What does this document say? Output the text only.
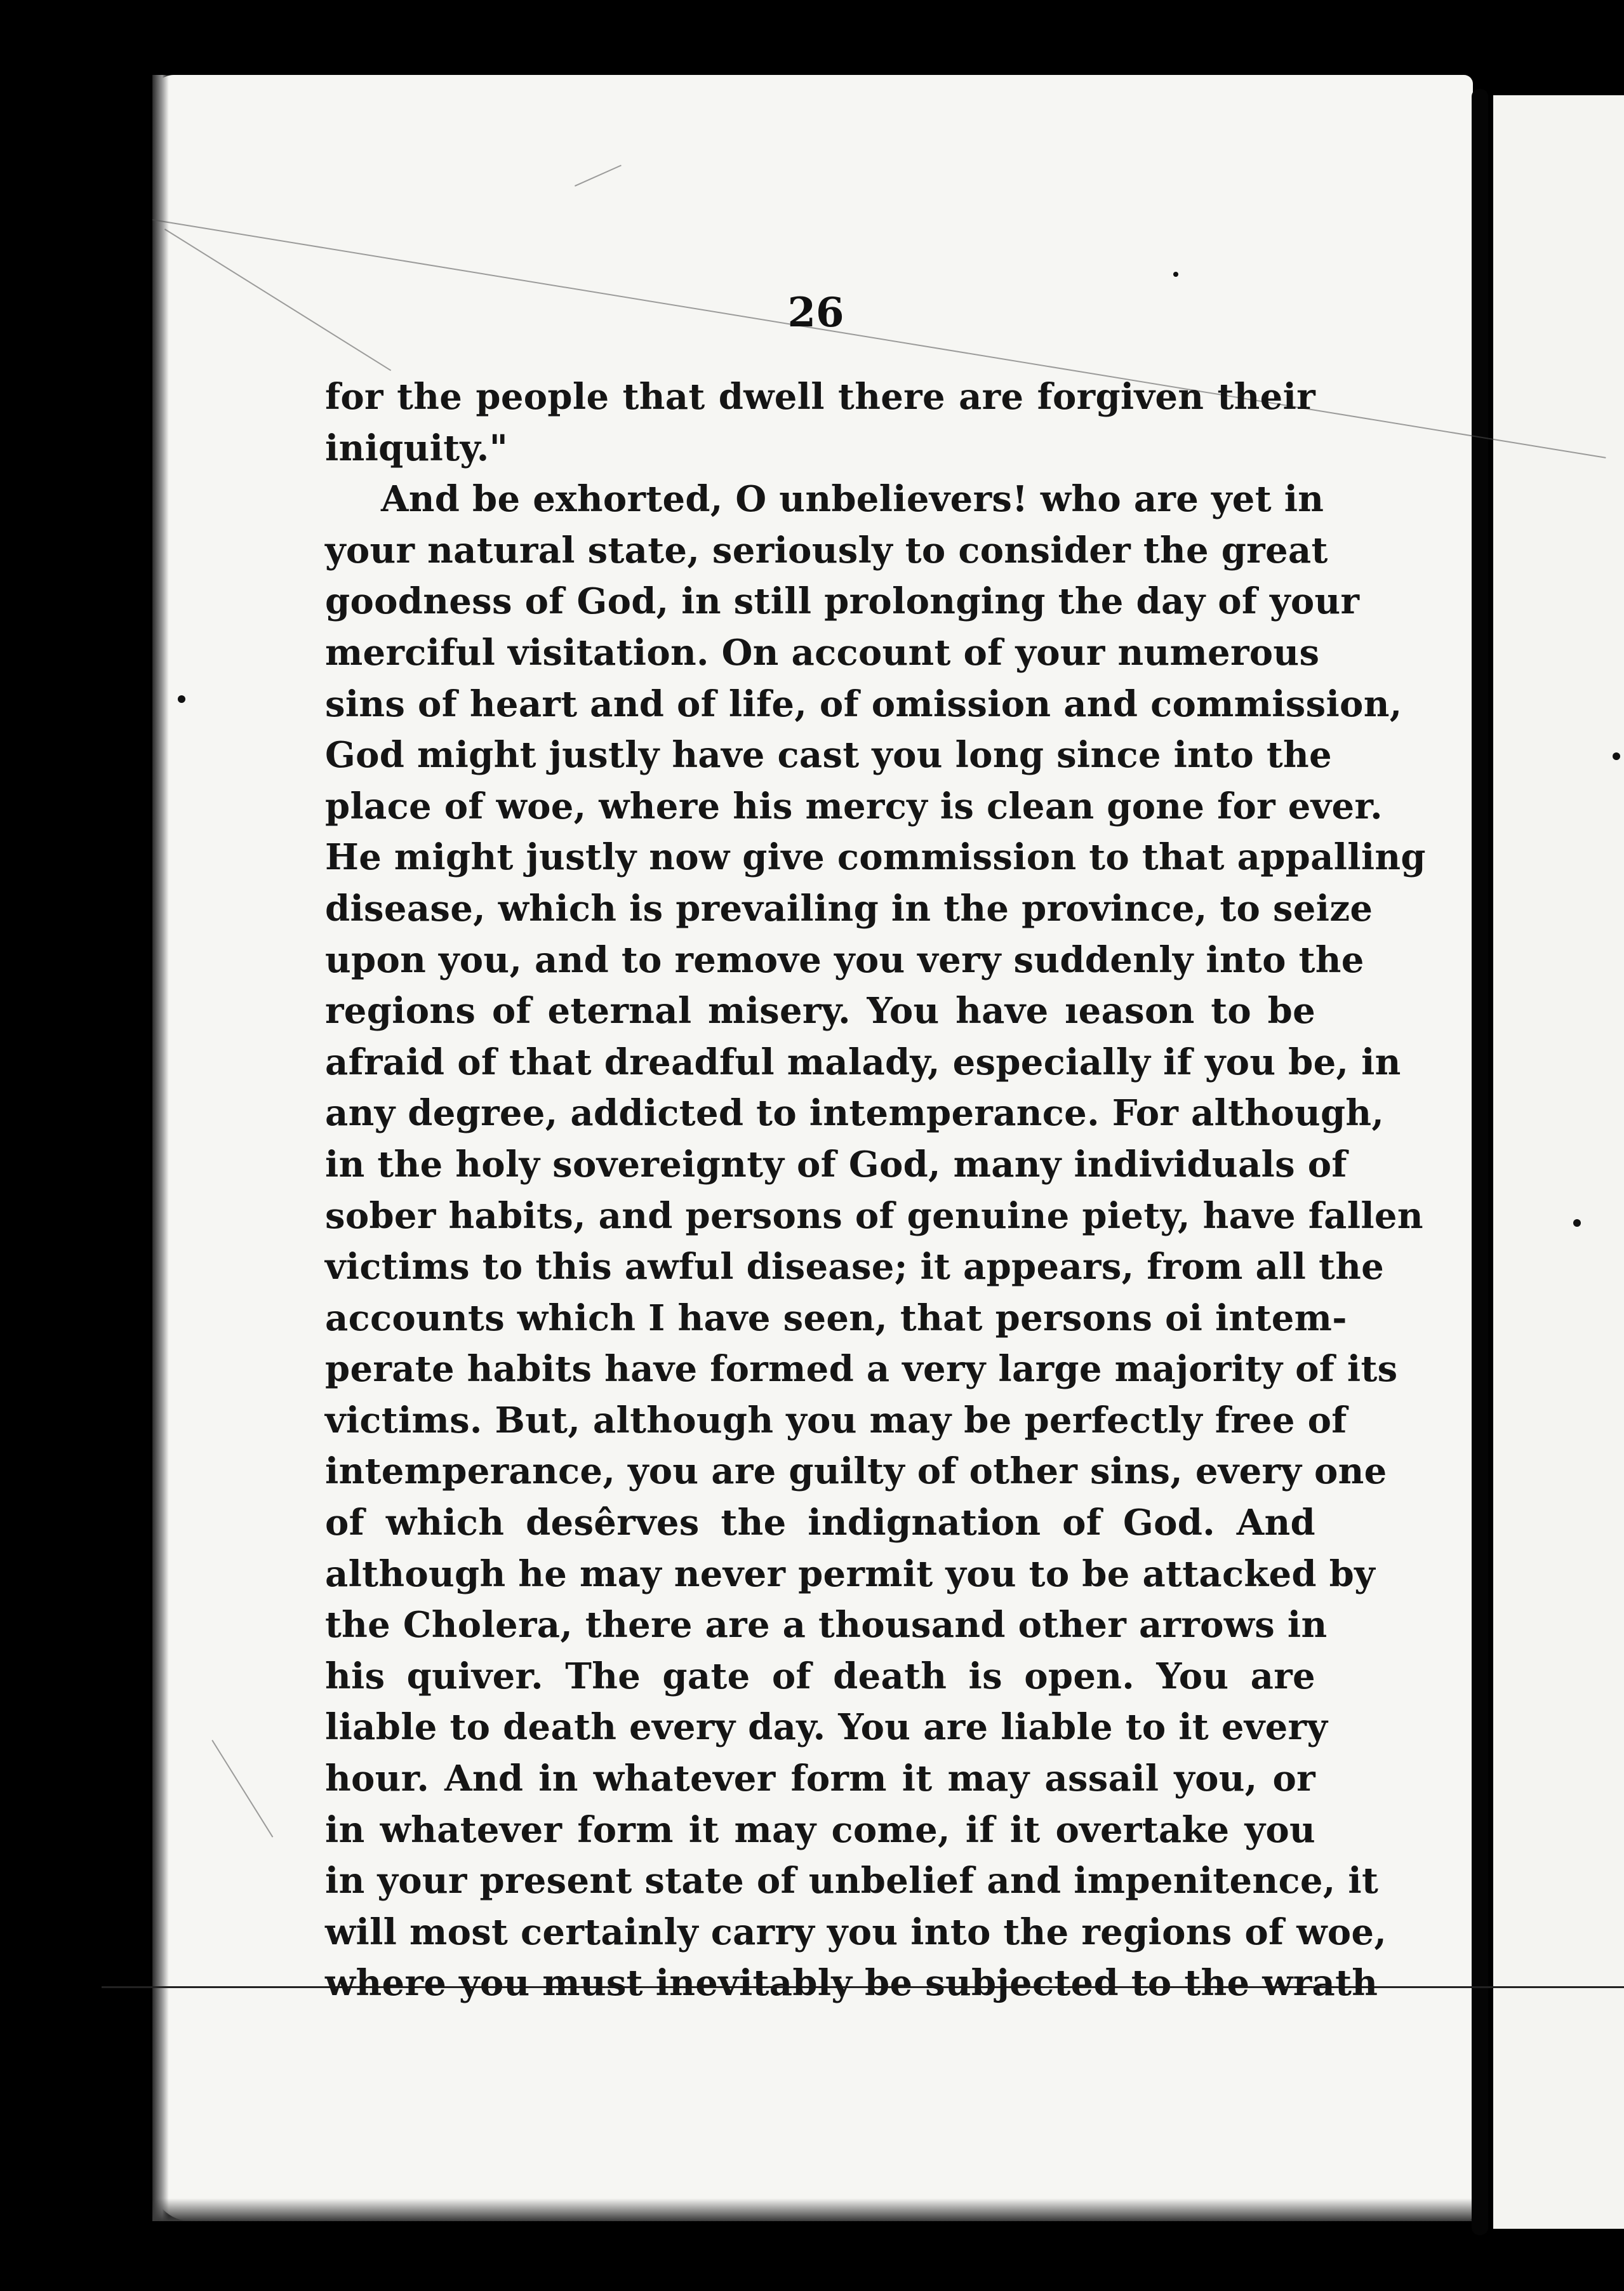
26

for the people that dwell there are forgiven their
iniquity."
And be exhorted, O unbelievers! who are yet in
your natural state, seriously to consider the great
goodness of God, in still prolonging the day of your
merciful visitation. On account of your numerous
sins of heart and of life, of omission and commission,
God might justly have cast you long since into the
place of woe, where his mercy is clean gone for ever.
He might justly now give commission to that appalling
disease, which is prevailing in the province, to seize
upon you, and to remove you very suddenly into the
regions of eternal misery. You have ıeason to be
afraid of that dreadful malady, especially if you be, in
any degree, addicted to intemperance. For although,
in the holy sovereignty of God, many individuals of
sober habits, and persons of genuine piety, have fallen
victims to this awful disease; it appears, from all the
accounts which I have seen, that persons oi intem-
perate habits have formed a very large majority of its
victims. But, although you may be perfectly free of
intemperance, you are guilty of other sins, every one
of which desêrves the indignation of God. And
although he may never permit you to be attacked by
the Cholera, there are a thousand other arrows in
his quiver. The gate of death is open. You are
liable to death every day. You are liable to it every
hour. And in whatever form it may assail you, or
in whatever form it may come, if it overtake you
in your present state of unbelief and impenitence, it
will most certainly carry you into the regions of woe,
where you must inevitably be subjected to the wrath
